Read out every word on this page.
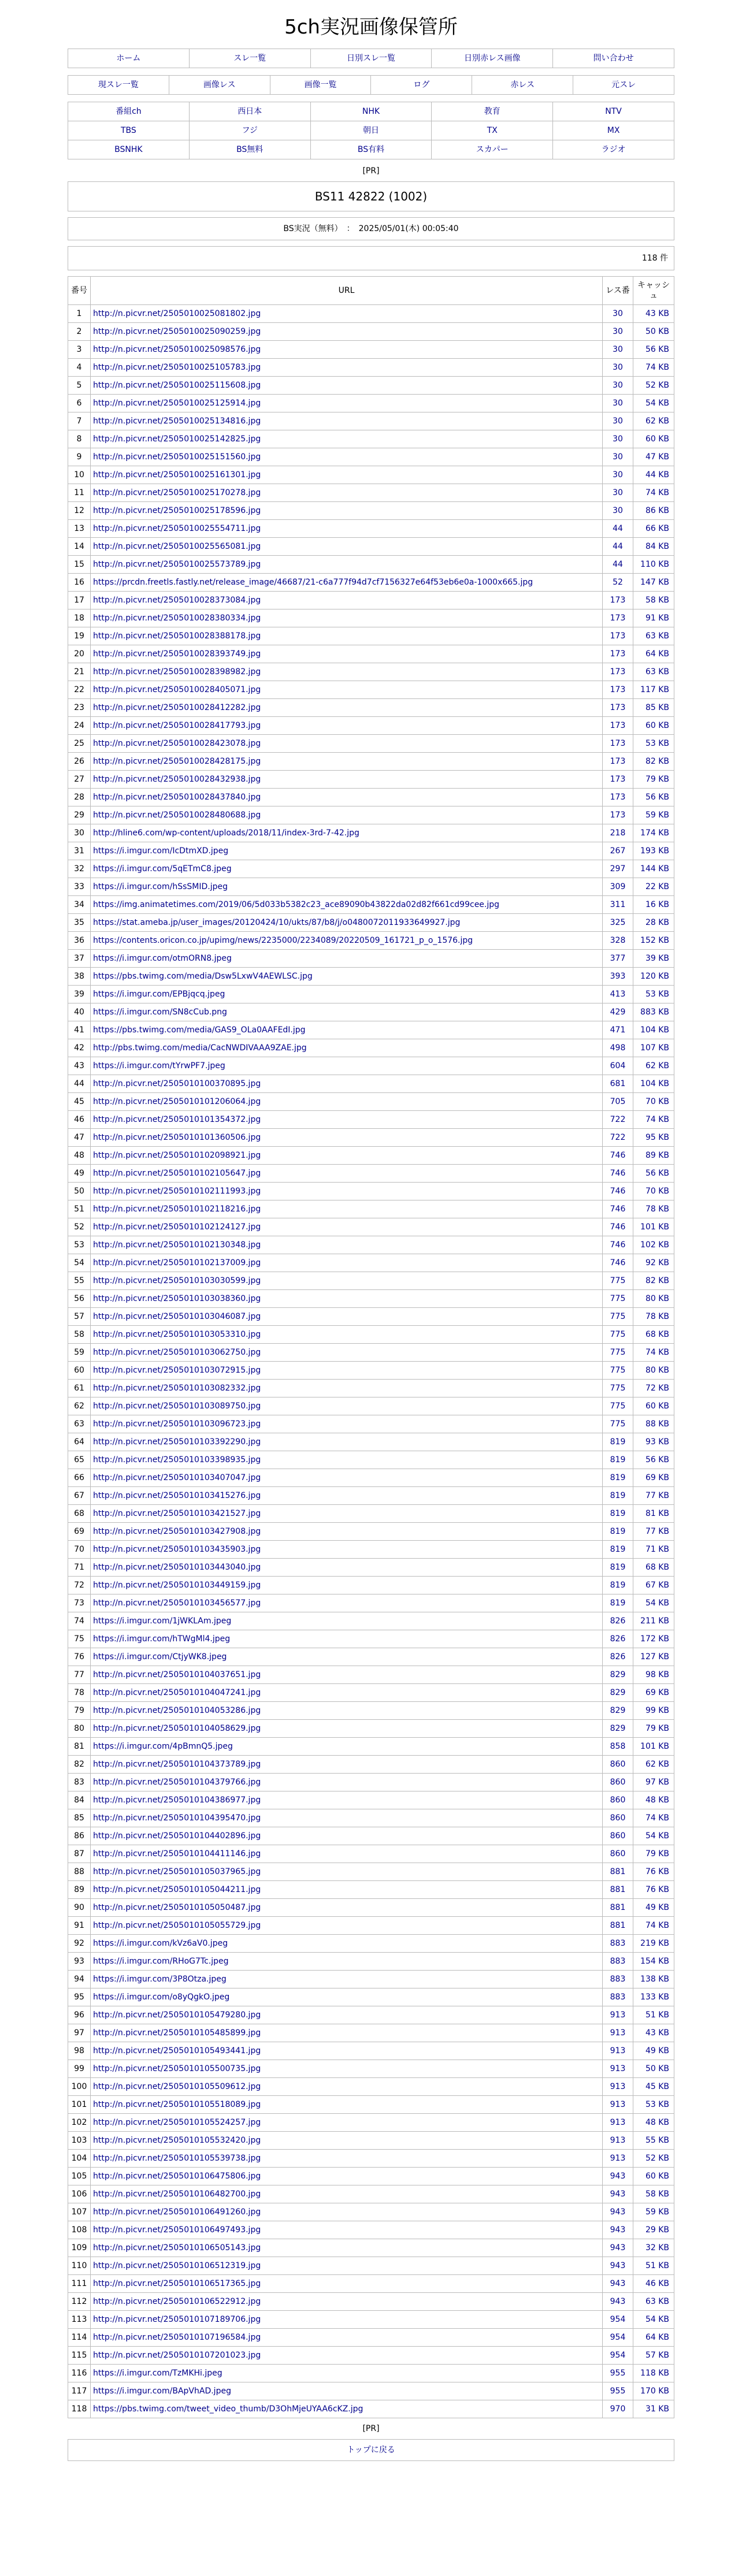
5ch実況画像保管所
ホーム	スレ一覧	日別スレ一覧	日別赤レス画像	問い合わせ
現スレ一覧	画像レス	画像一覧	ログ	赤レス	元スレ
番組ch	西日本	NHK	教育	NTV
TBS	フジ	朝日	TX	MX
BSNHK	BS無料	BS有料	スカパー	ラジオ
[PR]
BS11 42822 (1002)
BS実況（無料）　：　2025/05/01(木) 00:05:40
118 件
番号	URL	レス番	キャッシュ
1	http://n.picvr.net/2505010025081802.jpg	30	43 KB
2	http://n.picvr.net/2505010025090259.jpg	30	50 KB
3	http://n.picvr.net/2505010025098576.jpg	30	56 KB
4	http://n.picvr.net/2505010025105783.jpg	30	74 KB
5	http://n.picvr.net/2505010025115608.jpg	30	52 KB
6	http://n.picvr.net/2505010025125914.jpg	30	54 KB
7	http://n.picvr.net/2505010025134816.jpg	30	62 KB
8	http://n.picvr.net/2505010025142825.jpg	30	60 KB
9	http://n.picvr.net/2505010025151560.jpg	30	47 KB
10	http://n.picvr.net/2505010025161301.jpg	30	44 KB
11	http://n.picvr.net/2505010025170278.jpg	30	74 KB
12	http://n.picvr.net/2505010025178596.jpg	30	86 KB
13	http://n.picvr.net/2505010025554711.jpg	44	66 KB
14	http://n.picvr.net/2505010025565081.jpg	44	84 KB
15	http://n.picvr.net/2505010025573789.jpg	44	110 KB
16	https://prcdn.freetls.fastly.net/release_image/46687/21-c6a777f94d7cf7156327e64f53eb6e0a-1000x665.jpg	52	147 KB
17	http://n.picvr.net/2505010028373084.jpg	173	58 KB
18	http://n.picvr.net/2505010028380334.jpg	173	91 KB
19	http://n.picvr.net/2505010028388178.jpg	173	63 KB
20	http://n.picvr.net/2505010028393749.jpg	173	64 KB
21	http://n.picvr.net/2505010028398982.jpg	173	63 KB
22	http://n.picvr.net/2505010028405071.jpg	173	117 KB
23	http://n.picvr.net/2505010028412282.jpg	173	85 KB
24	http://n.picvr.net/2505010028417793.jpg	173	60 KB
25	http://n.picvr.net/2505010028423078.jpg	173	53 KB
26	http://n.picvr.net/2505010028428175.jpg	173	82 KB
27	http://n.picvr.net/2505010028432938.jpg	173	79 KB
28	http://n.picvr.net/2505010028437840.jpg	173	56 KB
29	http://n.picvr.net/2505010028480688.jpg	173	59 KB
30	http://hline6.com/wp-content/uploads/2018/11/index-3rd-7-42.jpg	218	174 KB
31	https://i.imgur.com/IcDtmXD.jpeg	267	193 KB
32	https://i.imgur.com/5qETmC8.jpeg	297	144 KB
33	https://i.imgur.com/hSsSMID.jpeg	309	22 KB
34	https://img.animatetimes.com/2019/06/5d033b5382c23_ace89090b43822da02d82f661cd99cee.jpg	311	16 KB
35	https://stat.ameba.jp/user_images/20120424/10/ukts/87/b8/j/o0480072011933649927.jpg	325	28 KB
36	https://contents.oricon.co.jp/upimg/news/2235000/2234089/20220509_161721_p_o_1576.jpg	328	152 KB
37	https://i.imgur.com/otmORN8.jpeg	377	39 KB
38	https://pbs.twimg.com/media/Dsw5LxwV4AEWLSC.jpg	393	120 KB
39	https://i.imgur.com/EPBjqcq.jpeg	413	53 KB
40	https://i.imgur.com/SN8cCub.png	429	883 KB
41	https://pbs.twimg.com/media/GAS9_OLa0AAFEdI.jpg	471	104 KB
42	http://pbs.twimg.com/media/CacNWDIVAAA9ZAE.jpg	498	107 KB
43	https://i.imgur.com/tYrwPF7.jpeg	604	62 KB
44	http://n.picvr.net/2505010100370895.jpg	681	104 KB
45	http://n.picvr.net/2505010101206064.jpg	705	70 KB
46	http://n.picvr.net/2505010101354372.jpg	722	74 KB
47	http://n.picvr.net/2505010101360506.jpg	722	95 KB
48	http://n.picvr.net/2505010102098921.jpg	746	89 KB
49	http://n.picvr.net/2505010102105647.jpg	746	56 KB
50	http://n.picvr.net/2505010102111993.jpg	746	70 KB
51	http://n.picvr.net/2505010102118216.jpg	746	78 KB
52	http://n.picvr.net/2505010102124127.jpg	746	101 KB
53	http://n.picvr.net/2505010102130348.jpg	746	102 KB
54	http://n.picvr.net/2505010102137009.jpg	746	92 KB
55	http://n.picvr.net/2505010103030599.jpg	775	82 KB
56	http://n.picvr.net/2505010103038360.jpg	775	80 KB
57	http://n.picvr.net/2505010103046087.jpg	775	78 KB
58	http://n.picvr.net/2505010103053310.jpg	775	68 KB
59	http://n.picvr.net/2505010103062750.jpg	775	74 KB
60	http://n.picvr.net/2505010103072915.jpg	775	80 KB
61	http://n.picvr.net/2505010103082332.jpg	775	72 KB
62	http://n.picvr.net/2505010103089750.jpg	775	60 KB
63	http://n.picvr.net/2505010103096723.jpg	775	88 KB
64	http://n.picvr.net/2505010103392290.jpg	819	93 KB
65	http://n.picvr.net/2505010103398935.jpg	819	56 KB
66	http://n.picvr.net/2505010103407047.jpg	819	69 KB
67	http://n.picvr.net/2505010103415276.jpg	819	77 KB
68	http://n.picvr.net/2505010103421527.jpg	819	81 KB
69	http://n.picvr.net/2505010103427908.jpg	819	77 KB
70	http://n.picvr.net/2505010103435903.jpg	819	71 KB
71	http://n.picvr.net/2505010103443040.jpg	819	68 KB
72	http://n.picvr.net/2505010103449159.jpg	819	67 KB
73	http://n.picvr.net/2505010103456577.jpg	819	54 KB
74	https://i.imgur.com/1jWKLAm.jpeg	826	211 KB
75	https://i.imgur.com/hTWgMl4.jpeg	826	172 KB
76	https://i.imgur.com/CtjyWK8.jpeg	826	127 KB
77	http://n.picvr.net/2505010104037651.jpg	829	98 KB
78	http://n.picvr.net/2505010104047241.jpg	829	69 KB
79	http://n.picvr.net/2505010104053286.jpg	829	99 KB
80	http://n.picvr.net/2505010104058629.jpg	829	79 KB
81	https://i.imgur.com/4pBmnQ5.jpeg	858	101 KB
82	http://n.picvr.net/2505010104373789.jpg	860	62 KB
83	http://n.picvr.net/2505010104379766.jpg	860	97 KB
84	http://n.picvr.net/2505010104386977.jpg	860	48 KB
85	http://n.picvr.net/2505010104395470.jpg	860	74 KB
86	http://n.picvr.net/2505010104402896.jpg	860	54 KB
87	http://n.picvr.net/2505010104411146.jpg	860	79 KB
88	http://n.picvr.net/2505010105037965.jpg	881	76 KB
89	http://n.picvr.net/2505010105044211.jpg	881	76 KB
90	http://n.picvr.net/2505010105050487.jpg	881	49 KB
91	http://n.picvr.net/2505010105055729.jpg	881	74 KB
92	https://i.imgur.com/kVz6aV0.jpeg	883	219 KB
93	https://i.imgur.com/RHoG7Tc.jpeg	883	154 KB
94	https://i.imgur.com/3P8Otza.jpeg	883	138 KB
95	https://i.imgur.com/o8yQgkO.jpeg	883	133 KB
96	http://n.picvr.net/2505010105479280.jpg	913	51 KB
97	http://n.picvr.net/2505010105485899.jpg	913	43 KB
98	http://n.picvr.net/2505010105493441.jpg	913	49 KB
99	http://n.picvr.net/2505010105500735.jpg	913	50 KB
100	http://n.picvr.net/2505010105509612.jpg	913	45 KB
101	http://n.picvr.net/2505010105518089.jpg	913	53 KB
102	http://n.picvr.net/2505010105524257.jpg	913	48 KB
103	http://n.picvr.net/2505010105532420.jpg	913	55 KB
104	http://n.picvr.net/2505010105539738.jpg	913	52 KB
105	http://n.picvr.net/2505010106475806.jpg	943	60 KB
106	http://n.picvr.net/2505010106482700.jpg	943	58 KB
107	http://n.picvr.net/2505010106491260.jpg	943	59 KB
108	http://n.picvr.net/2505010106497493.jpg	943	29 KB
109	http://n.picvr.net/2505010106505143.jpg	943	32 KB
110	http://n.picvr.net/2505010106512319.jpg	943	51 KB
111	http://n.picvr.net/2505010106517365.jpg	943	46 KB
112	http://n.picvr.net/2505010106522912.jpg	943	63 KB
113	http://n.picvr.net/2505010107189706.jpg	954	54 KB
114	http://n.picvr.net/2505010107196584.jpg	954	64 KB
115	http://n.picvr.net/2505010107201023.jpg	954	57 KB
116	https://i.imgur.com/TzMKHi.jpeg	955	118 KB
117	https://i.imgur.com/BApVhAD.jpeg	955	170 KB
118	https://pbs.twimg.com/tweet_video_thumb/D3OhMjeUYAA6cKZ.jpg	970	31 KB
[PR]
トップに戻る
